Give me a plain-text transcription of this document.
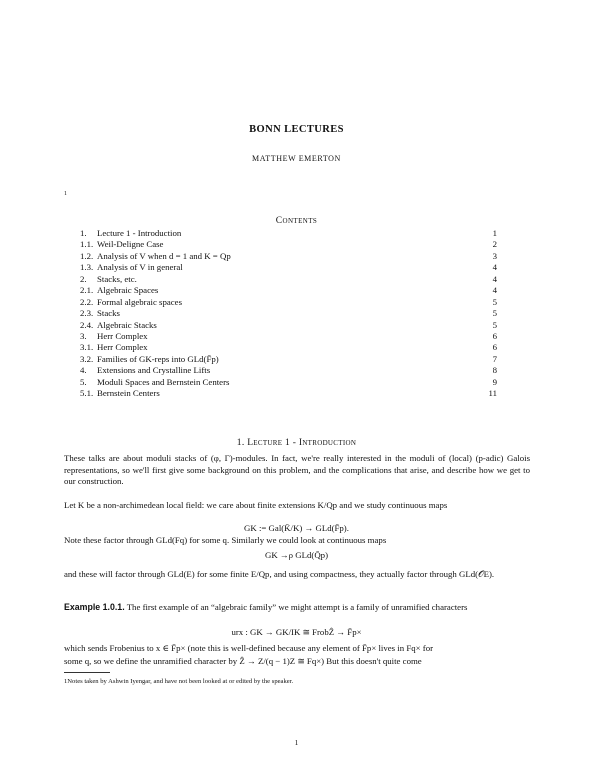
BONN LECTURES
MATTHEW EMERTON
1
Contents
1. Lecture 1 - Introduction	1
1.1. Weil-Deligne Case	2
1.2. Analysis of V when d = 1 and K = Qp	3
1.3. Analysis of V in general	4
2. Stacks, etc.	4
2.1. Algebraic Spaces	4
2.2. Formal algebraic spaces	5
2.3. Stacks	5
2.4. Algebraic Stacks	5
3. Herr Complex	6
3.1. Herr Complex	6
3.2. Families of GK-reps into GLd(F̄p)	7
4. Extensions and Crystalline Lifts	8
5. Moduli Spaces and Bernstein Centers	9
5.1. Bernstein Centers	11
1. Lecture 1 - Introduction
These talks are about moduli stacks of (φ, Γ)-modules. In fact, we're really interested in the moduli of (local) (p-adic) Galois representations, so we'll first give some background on this problem, and the complications that arise, and describe how we get to our construction.
Let K be a non-archimedean local field: we care about finite extensions K/Qp and we study continuous maps
GK := Gal(K̄/K) → GLd(F̄p).
Note these factor through GLd(Fq) for some q. Similarly we could look at continuous maps
GK →ρ GLd(Q̄p)
and these will factor through GLd(E) for some finite E/Qp, and using compactness, they actually factor through GLd(𝒪E).
Example 1.0.1. The first example of an “algebraic family” we might attempt is a family of unramified characters
urx : GK → GK/IK ≅ FrobẐ → F̄p×
which sends Frobenius to x ∈ F̄p× (note this is well-defined because any element of F̄p× lives in Fq× for
some q, so we define the unramified character by Ẑ → Z/(q − 1)Z ≅ Fq×) But this doesn't quite come
1Notes taken by Ashwin Iyengar, and have not been looked at or edited by the speaker.
1
